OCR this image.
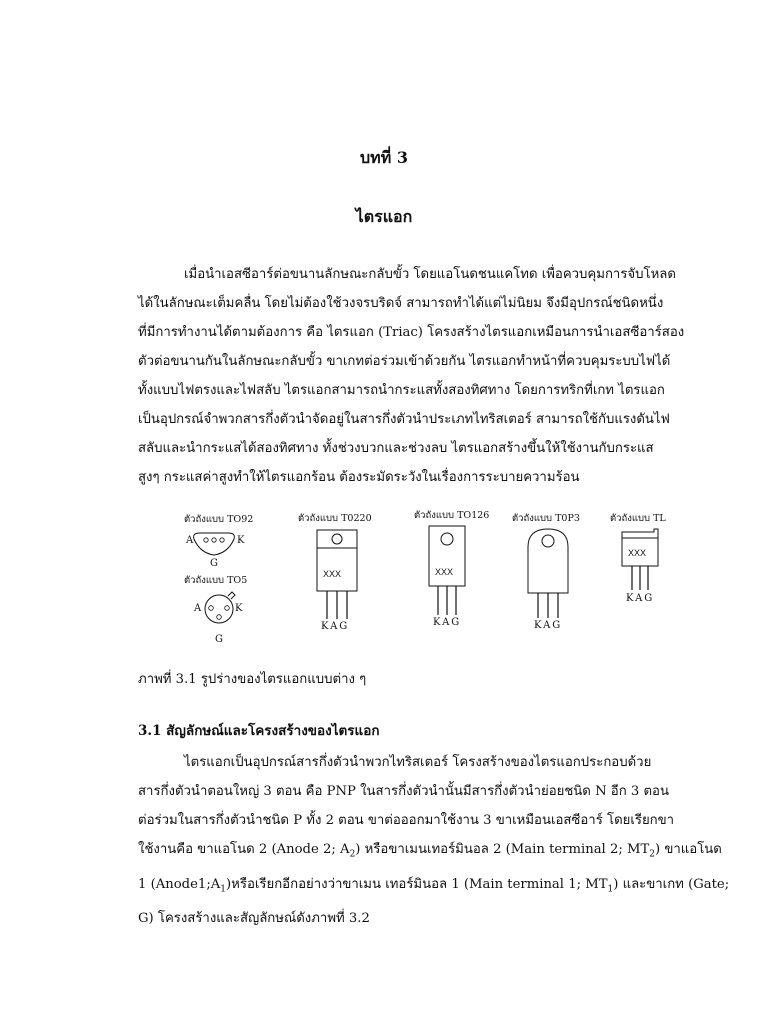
บทที่ 3
ไตรแอก

เมื่อนำเอสซีอาร์ต่อขนานลักษณะกลับขั้ว โดยแอโนดชนแคโทด เพื่อควบคุมการจับโหลด
ได้ในลักษณะเต็มคลื่น โดยไม่ต้องใช้วงจรบริดจ์ สามารถทำได้แต่ไม่นิยม จึงมีอุปกรณ์ชนิดหนึ่ง
ที่มีการทำงานได้ตามต้องการ คือ ไตรแอก (Triac) โครงสร้างไตรแอกเหมือนการนำเอสซีอาร์สอง
ตัวต่อขนานกันในลักษณะกลับขั้ว ขาเกทต่อร่วมเข้าด้วยกัน ไตรแอกทำหน้าที่ควบคุมระบบไฟได้
ทั้งแบบไฟตรงและไฟสลับ ไตรแอกสามารถนำกระแสทั้งสองทิศทาง โดยการทริกที่เกท ไตรแอก
เป็นอุปกรณ์จำพวกสารกึ่งตัวนำจัดอยู่ในสารกึ่งตัวนำประเภทไทริสเตอร์ สามารถใช้กับแรงดันไฟ
สลับและนำกระแสได้สองทิศทาง ทั้งช่วงบวกและช่วงลบ ไตรแอกสร้างขึ้นให้ใช้งานกับกระแส
สูงๆ กระแสค่าสูงทำให้ไตรแอกร้อน ต้องระมัดระวังในเรื่องการระบายความร้อน

ตัวถังแบบ TO92
A	K
G
ตัวถังแบบ TO5
A	K
G
ตัวถังแบบ T0220
XXX
KAG
ตัวถังแบบ TO126
XXX
KAG
ตัวถังแบบ T0P3
KAG
ตัวถังแบบ TL
XXX
KAG
ภาพที่ 3.1 รูปร่างของไตรแอกแบบต่าง ๆ
3.1 สัญลักษณ์และโครงสร้างของไตรแอก

ไตรแอกเป็นอุปกรณ์สารกึ่งตัวนำพวกไทริสเตอร์ โครงสร้างของไตรแอกประกอบด้วย
สารกึ่งตัวนำตอนใหญ่ 3 ตอน คือ PNP ในสารกึ่งตัวนำนั้นมีสารกึ่งตัวนำย่อยชนิด N อีก 3 ตอน
ต่อร่วมในสารกึ่งตัวนำชนิด P ทั้ง 2 ตอน ขาต่อออกมาใช้งาน 3 ขาเหมือนเอสซีอาร์ โดยเรียกขา
ใช้งานคือ ขาแอโนด 2 (Anode 2; $A_2$) หรือขาเมนเทอร์มินอล 2 (Main terminal 2; $MT_2$) ขาแอโนด
1 $(Anode1;A_1)$หรือเรียกอีกอย่างว่าขาเมน เทอร์มินอล 1 (Main terminal 1; $MT_1$) และขาเกท (Gate;
G) โครงสร้างและสัญลักษณ์ดังภาพที่ 3.2
